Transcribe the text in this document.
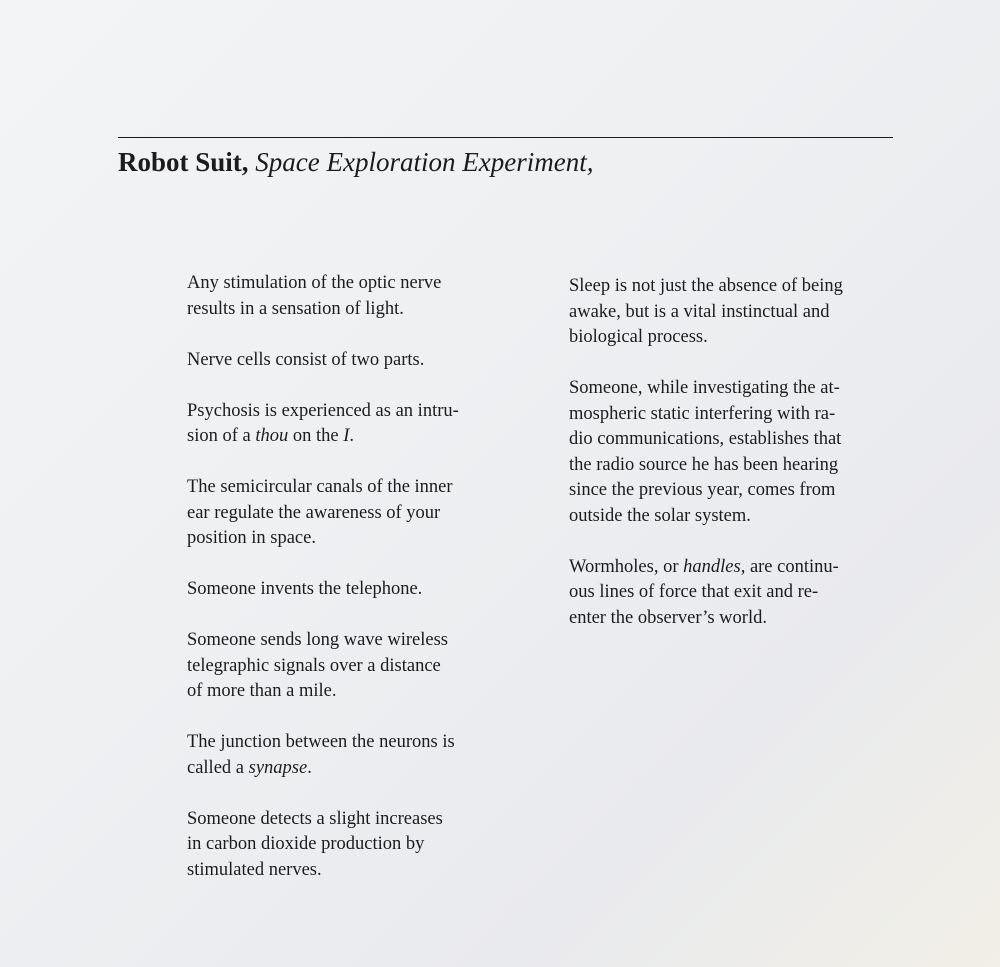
Robot Suit, Space Exploration Experiment,
Any stimulation of the optic nerve
results in a sensation of light.
Nerve cells consist of two parts.
Psychosis is experienced as an intru-
sion of a thou on the I.
The semicircular canals of the inner
ear regulate the awareness of your
position in space.
Someone invents the telephone.
Someone sends long wave wireless
telegraphic signals over a distance
of more than a mile.
The junction between the neurons is
called a synapse.
Someone detects a slight increases
in carbon dioxide production by
stimulated nerves.
Sleep is not just the absence of being
awake, but is a vital instinctual and
biological process.
Someone, while investigating the at-
mospheric static interfering with ra-
dio communications, establishes that
the radio source he has been hearing
since the previous year, comes from
outside the solar system.
Wormholes, or handles, are continu-
ous lines of force that exit and re-
enter the observer’s world.
